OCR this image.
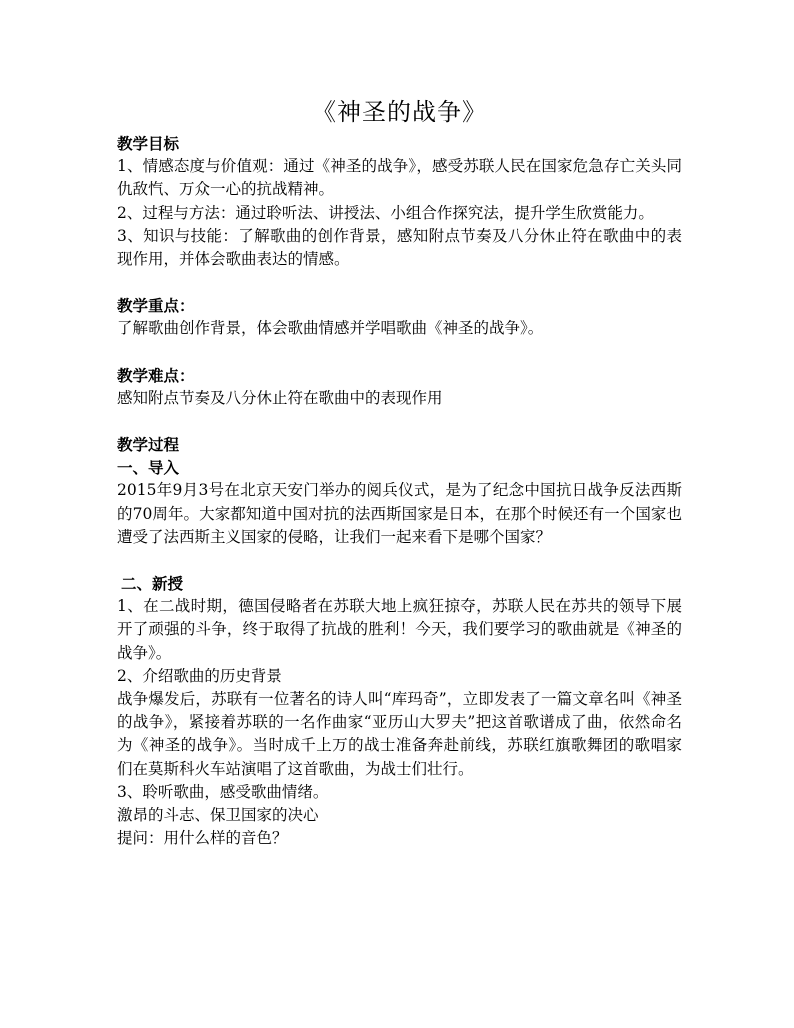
《神圣的战争》

教学目标

1、情感态度与价值观：通过《神圣的战争》，感受苏联人民在国家危急存亡关头同仇敌忾、万众一心的抗战精神。

2、过程与方法：通过聆听法、讲授法、小组合作探究法，提升学生欣赏能力。

3、知识与技能：了解歌曲的创作背景，感知附点节奏及八分休止符在歌曲中的表现作用，并体会歌曲表达的情感。

教学重点：

了解歌曲创作背景，体会歌曲情感并学唱歌曲《神圣的战争》。

教学难点：

感知附点节奏及八分休止符在歌曲中的表现作用

教学过程

一、导入

2015年9月3号在北京天安门举办的阅兵仪式，是为了纪念中国抗日战争反法西斯的70周年。大家都知道中国对抗的法西斯国家是日本，在那个时候还有一个国家也遭受了法西斯主义国家的侵略，让我们一起来看下是哪个国家？

二、新授

1、在二战时期，德国侵略者在苏联大地上疯狂掠夺，苏联人民在苏共的领导下展开了顽强的斗争，终于取得了抗战的胜利！今天，我们要学习的歌曲就是《神圣的战争》。

2、介绍歌曲的历史背景

战争爆发后，苏联有一位著名的诗人叫“库玛奇”，立即发表了一篇文章名叫《神圣的战争》，紧接着苏联的一名作曲家“亚历山大罗夫”把这首歌谱成了曲，依然命名为《神圣的战争》。当时成千上万的战士准备奔赴前线，苏联红旗歌舞团的歌唱家们在莫斯科火车站演唱了这首歌曲，为战士们壮行。

3、聆听歌曲，感受歌曲情绪。

激昂的斗志、保卫国家的决心

提问：用什么样的音色？
